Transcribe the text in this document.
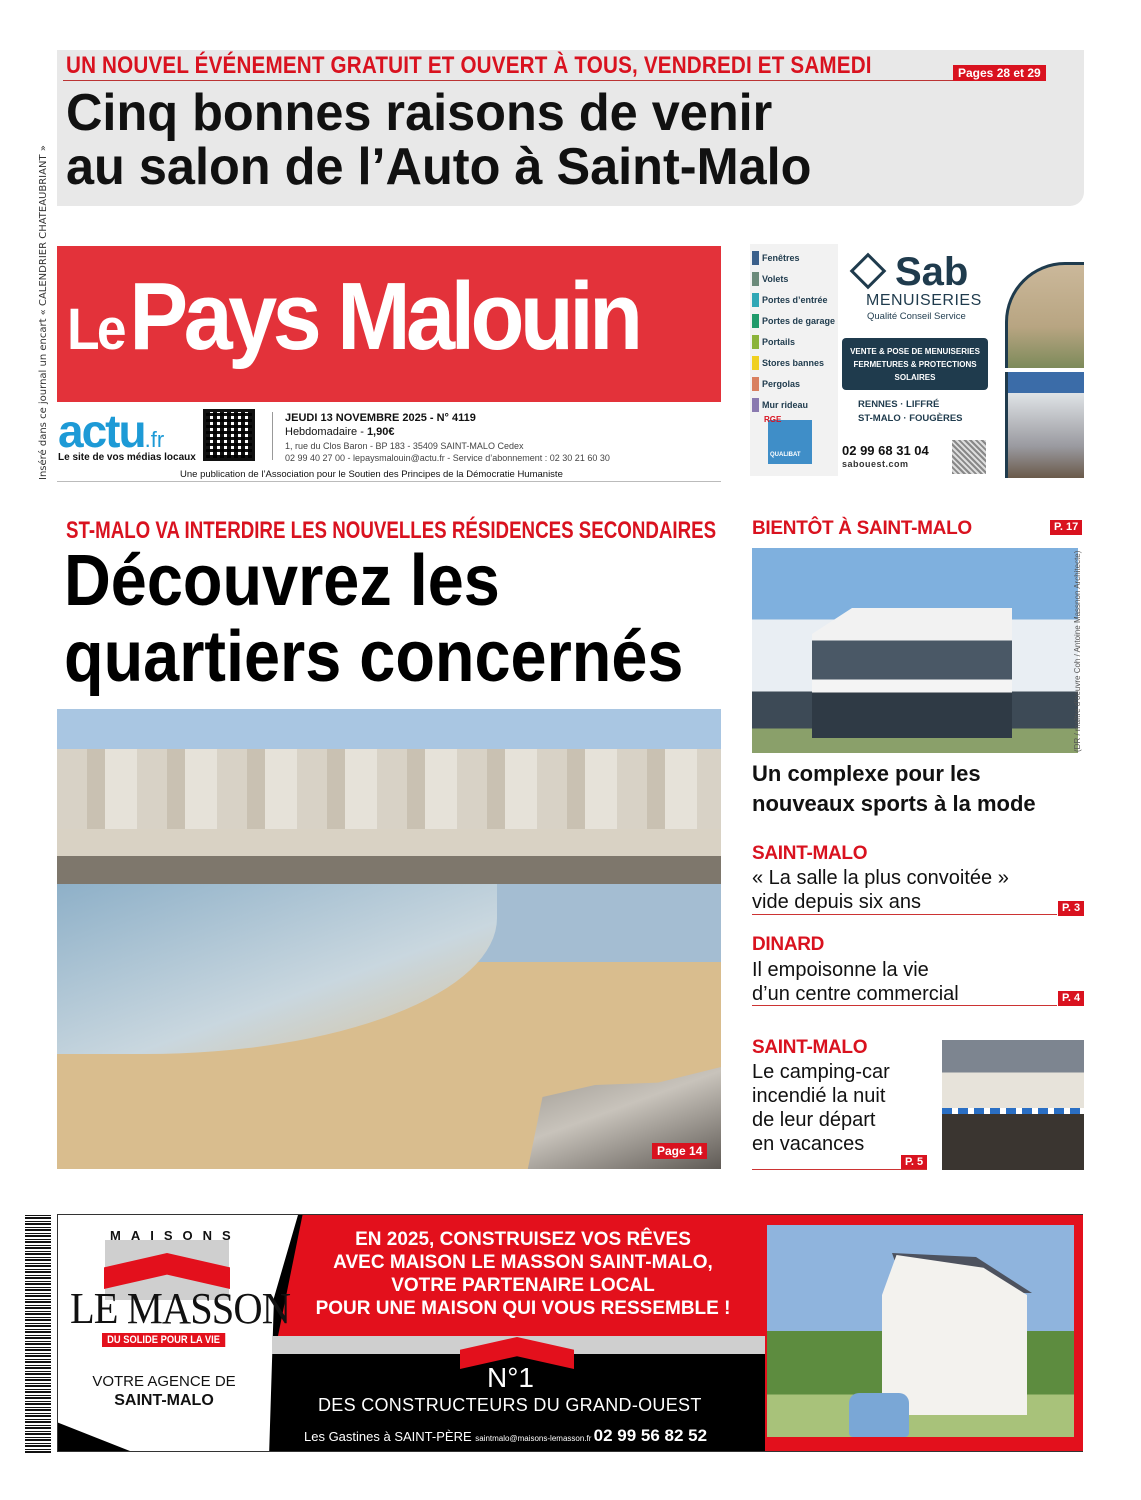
Inséré dans ce journal un encart « CALENDRIER CHATEAUBRIANT »
UN NOUVEL ÉVÉNEMENT GRATUIT ET OUVERT À TOUS, VENDREDI ET SAMEDI	Pages 28 et 29
Cinq bonnes raisons de venir
au salon de l’Auto à Saint-Malo
LePays Malouin
actu.fr
Le site de vos médias locaux
JEUDI 13 NOVEMBRE 2025 - N° 4119
Hebdomadaire - 1,90€
1, rue du Clos Baron - BP 183 - 35409 SAINT-MALO Cedex
02 99 40 27 00 - lepaysmalouin@actu.fr - Service d’abonnement : 02 30 21 60 30
Une publication de l’Association pour le Soutien des Principes de la Démocratie Humaniste
Fenêtres
Volets
Portes d’entrée
Portes de garage
Portails
Stores bannes
Pergolas
Mur rideau
RGE
QUALIBAT
Sab
MENUISERIES
Qualité Conseil Service
VENTE & POSE DE MENUISERIES
FERMETURES & PROTECTIONS
SOLAIRES
RENNES · LIFFRÉ
ST-MALO · FOUGÈRES
02 99 68 31 04
sabouest.com
ST-MALO VA INTERDIRE LES NOUVELLES RÉSIDENCES SECONDAIRES
Découvrez les
quartiers concernés
Page 14
BIENTÔT À SAINT-MALO	P. 17
(DR / maître d’oeuvre Coh / Antoine Massnon Architecte)
Un complexe pour les
nouveaux sports à la mode
SAINT-MALO
« La salle la plus convoitée »
vide depuis six ans	P. 3
DINARD
Il empoisonne la vie
d’un centre commercial	P. 4
SAINT-MALO
Le camping-car
incendié la nuit
de leur départ
en vacances
P. 5
MAISONS
LE MASSON
DU SOLIDE POUR LA VIE
VOTRE AGENCE DE
SAINT-MALO
EN 2025, CONSTRUISEZ VOS RÊVES
AVEC MAISON LE MASSON SAINT-MALO,
VOTRE PARTENAIRE LOCAL
POUR UNE MAISON QUI VOUS RESSEMBLE !
N°1
DES CONSTRUCTEURS DU GRAND-OUEST
Les Gastines à SAINT-PÈRE saintmalo@maisons-lemasson.fr 02 99 56 82 52
